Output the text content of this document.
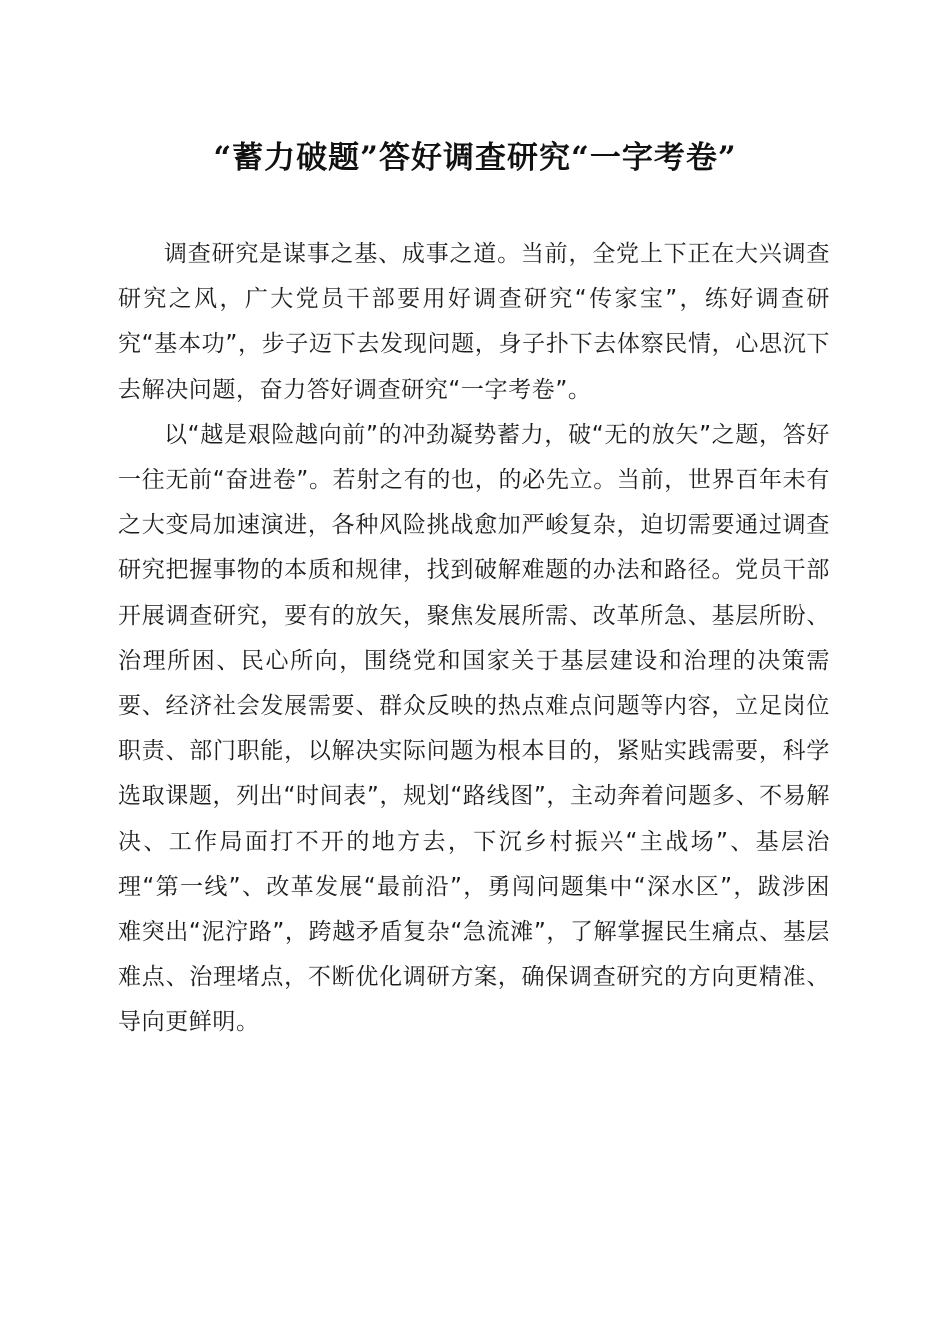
“蓄力破题”答好调查研究“一字考卷”

调查研究是谋事之基、成事之道。当前，全党上下正在大兴调查研究之风，广大党员干部要用好调查研究“传家宝”，练好调查研究“基本功”，步子迈下去发现问题，身子扑下去体察民情，心思沉下去解决问题，奋力答好调查研究“一字考卷”。

以“越是艰险越向前”的冲劲凝势蓄力，破“无的放矢”之题，答好一往无前“奋进卷”。若射之有的也，的必先立。当前，世界百年未有之大变局加速演进，各种风险挑战愈加严峻复杂，迫切需要通过调查研究把握事物的本质和规律，找到破解难题的办法和路径。党员干部开展调查研究，要有的放矢，聚焦发展所需、改革所急、基层所盼、治理所困、民心所向，围绕党和国家关于基层建设和治理的决策需要、经济社会发展需要、群众反映的热点难点问题等内容，立足岗位职责、部门职能，以解决实际问题为根本目的，紧贴实践需要，科学选取课题，列出“时间表”，规划“路线图”，主动奔着问题多、不易解决、工作局面打不开的地方去，下沉乡村振兴“主战场”、基层治理“第一线”、改革发展“最前沿”，勇闯问题集中“深水区”，跋涉困难突出“泥泞路”，跨越矛盾复杂“急流滩”，了解掌握民生痛点、基层难点、治理堵点，不断优化调研方案，确保调查研究的方向更精准、导向更鲜明。
